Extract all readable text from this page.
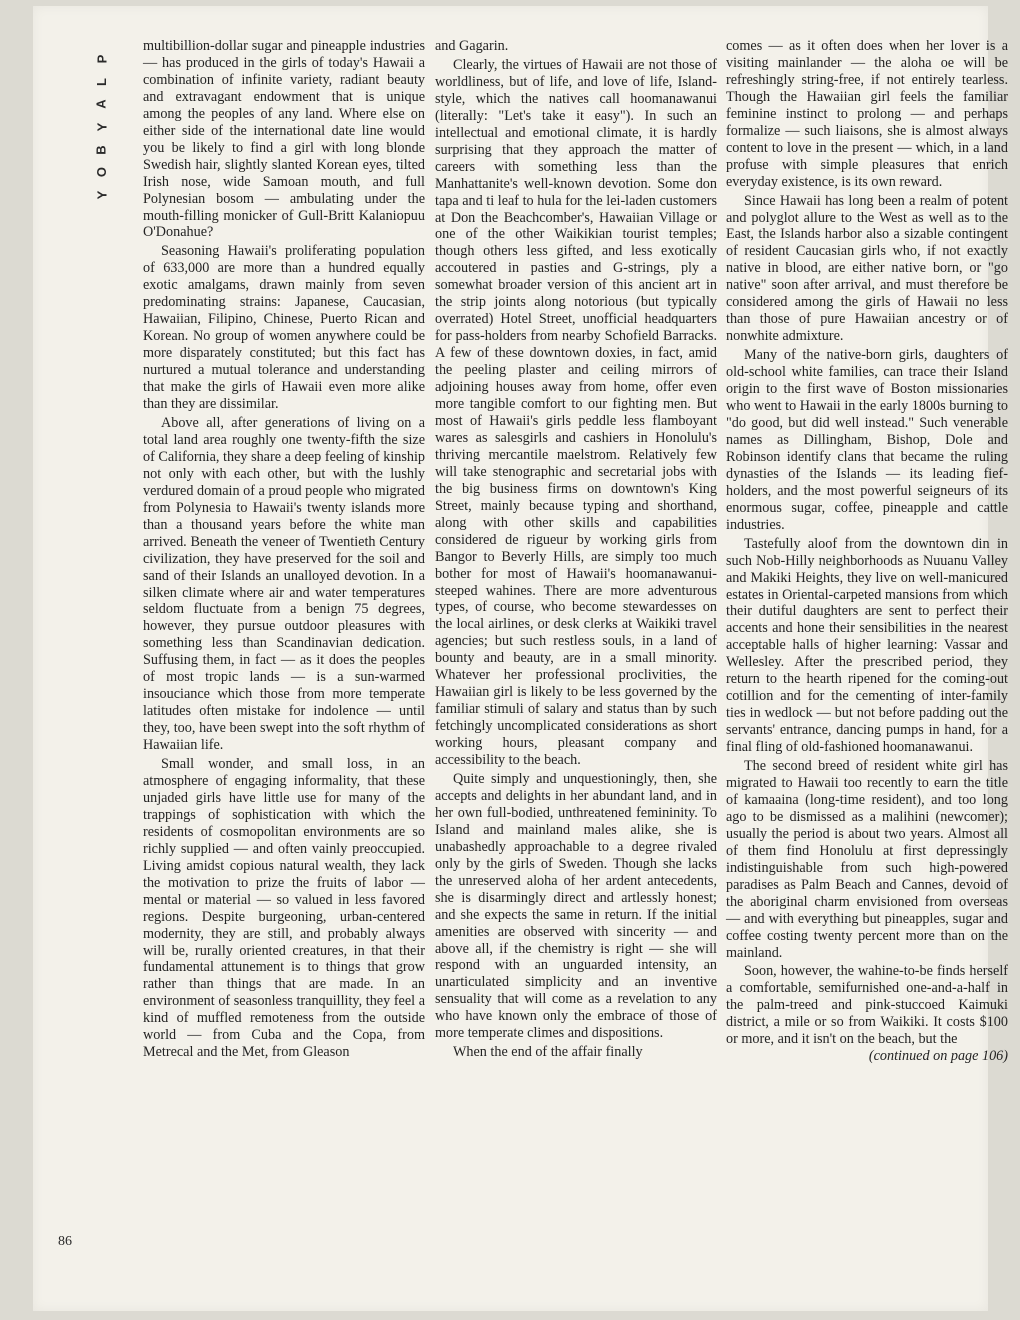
P
L
A
Y
B
O
Y

multibillion-dollar sugar and pineapple industries — has produced in the girls of today's Hawaii a combination of infinite variety, radiant beauty and extravagant endowment that is unique among the peoples of any land. Where else on either side of the international date line would you be likely to find a girl with long blonde Swedish hair, slightly slanted Korean eyes, tilted Irish nose, wide Samoan mouth, and full Polynesian bosom — ambulating under the mouth-filling monicker of Gull-Britt Kalaniopuu O'Donahue?

Seasoning Hawaii's proliferating population of 633,000 are more than a hundred equally exotic amalgams, drawn mainly from seven predominating strains: Japanese, Caucasian, Hawaiian, Filipino, Chinese, Puerto Rican and Korean. No group of women anywhere could be more disparately constituted; but this fact has nurtured a mutual tolerance and understanding that make the girls of Hawaii even more alike than they are dissimilar.

Above all, after generations of living on a total land area roughly one twenty-fifth the size of California, they share a deep feeling of kinship not only with each other, but with the lushly verdured domain of a proud people who migrated from Polynesia to Hawaii's twenty islands more than a thousand years before the white man arrived. Beneath the veneer of Twentieth Century civilization, they have preserved for the soil and sand of their Islands an unalloyed devotion. In a silken climate where air and water temperatures seldom fluctuate from a benign 75 degrees, however, they pursue outdoor pleasures with something less than Scandinavian dedication. Suffusing them, in fact — as it does the peoples of most tropic lands — is a sun-warmed insouciance which those from more temperate latitudes often mistake for indolence — until they, too, have been swept into the soft rhythm of Hawaiian life.

Small wonder, and small loss, in an atmosphere of engaging informality, that these unjaded girls have little use for many of the trappings of sophistication with which the residents of cosmopolitan environments are so richly supplied — and often vainly preoccupied. Living amidst copious natural wealth, they lack the motivation to prize the fruits of labor — mental or material — so valued in less favored regions. Despite burgeoning, urban-centered modernity, they are still, and probably always will be, rurally oriented creatures, in that their fundamental attunement is to things that grow rather than things that are made. In an environment of seasonless tranquillity, they feel a kind of muffled remoteness from the outside world — from Cuba and the Copa, from Metrecal and the Met, from Gleason

and Gagarin.

Clearly, the virtues of Hawaii are not those of worldliness, but of life, and love of life, Island-style, which the natives call hoomanawanui (literally: "Let's take it easy"). In such an intellectual and emotional climate, it is hardly surprising that they approach the matter of careers with something less than the Manhattanite's well-known devotion. Some don tapa and ti leaf to hula for the lei-laden customers at Don the Beachcomber's, Hawaiian Village or one of the other Waikikian tourist temples; though others less gifted, and less exotically accoutered in pasties and G-strings, ply a somewhat broader version of this ancient art in the strip joints along notorious (but typically overrated) Hotel Street, unofficial headquarters for pass-holders from nearby Schofield Barracks. A few of these downtown doxies, in fact, amid the peeling plaster and ceiling mirrors of adjoining houses away from home, offer even more tangible comfort to our fighting men. But most of Hawaii's girls peddle less flamboyant wares as salesgirls and cashiers in Honolulu's thriving mercantile maelstrom. Relatively few will take stenographic and secretarial jobs with the big business firms on downtown's King Street, mainly because typing and shorthand, along with other skills and capabilities considered de rigueur by working girls from Bangor to Beverly Hills, are simply too much bother for most of Hawaii's hoomanawanui-steeped wahines. There are more adventurous types, of course, who become stewardesses on the local airlines, or desk clerks at Waikiki travel agencies; but such restless souls, in a land of bounty and beauty, are in a small minority. Whatever her professional proclivities, the Hawaiian girl is likely to be less governed by the familiar stimuli of salary and status than by such fetchingly uncomplicated considerations as short working hours, pleasant company and accessibility to the beach.

Quite simply and unquestioningly, then, she accepts and delights in her abundant land, and in her own full-bodied, unthreatened femininity. To Island and mainland males alike, she is unabashedly approachable to a degree rivaled only by the girls of Sweden. Though she lacks the unreserved aloha of her ardent antecedents, she is disarmingly direct and artlessly honest; and she expects the same in return. If the initial amenities are observed with sincerity — and above all, if the chemistry is right — she will respond with an unguarded intensity, an unarticulated simplicity and an inventive sensuality that will come as a revelation to any who have known only the embrace of those of more temperate climes and dispositions.

When the end of the affair finally

comes — as it often does when her lover is a visiting mainlander — the aloha oe will be refreshingly string-free, if not entirely tearless. Though the Hawaiian girl feels the familiar feminine instinct to prolong — and perhaps formalize — such liaisons, she is almost always content to love in the present — which, in a land profuse with simple pleasures that enrich everyday existence, is its own reward.

Since Hawaii has long been a realm of potent and polyglot allure to the West as well as to the East, the Islands harbor also a sizable contingent of resident Caucasian girls who, if not exactly native in blood, are either native born, or "go native" soon after arrival, and must therefore be considered among the girls of Hawaii no less than those of pure Hawaiian ancestry or of nonwhite admixture.

Many of the native-born girls, daughters of old-school white families, can trace their Island origin to the first wave of Boston missionaries who went to Hawaii in the early 1800s burning to "do good, but did well instead." Such venerable names as Dillingham, Bishop, Dole and Robinson identify clans that became the ruling dynasties of the Islands — its leading fief-holders, and the most powerful seigneurs of its enormous sugar, coffee, pineapple and cattle industries.

Tastefully aloof from the downtown din in such Nob-Hilly neighborhoods as Nuuanu Valley and Makiki Heights, they live on well-manicured estates in Oriental-carpeted mansions from which their dutiful daughters are sent to perfect their accents and hone their sensibilities in the nearest acceptable halls of higher learning: Vassar and Wellesley. After the prescribed period, they return to the hearth ripened for the coming-out cotillion and for the cementing of inter-family ties in wedlock — but not before padding out the servants' entrance, dancing pumps in hand, for a final fling of old-fashioned hoomanawanui.

The second breed of resident white girl has migrated to Hawaii too recently to earn the title of kamaaina (long-time resident), and too long ago to be dismissed as a malihini (newcomer); usually the period is about two years. Almost all of them find Honolulu at first depressingly indistinguishable from such high-powered paradises as Palm Beach and Cannes, devoid of the aboriginal charm envisioned from overseas — and with everything but pineapples, sugar and coffee costing twenty percent more than on the mainland.

Soon, however, the wahine-to-be finds herself a comfortable, semifurnished one-and-a-half in the palm-treed and pink-stuccoed Kaimuki district, a mile or so from Waikiki. It costs $100 or more, and it isn't on the beach, but the

(continued on page 106)

86
